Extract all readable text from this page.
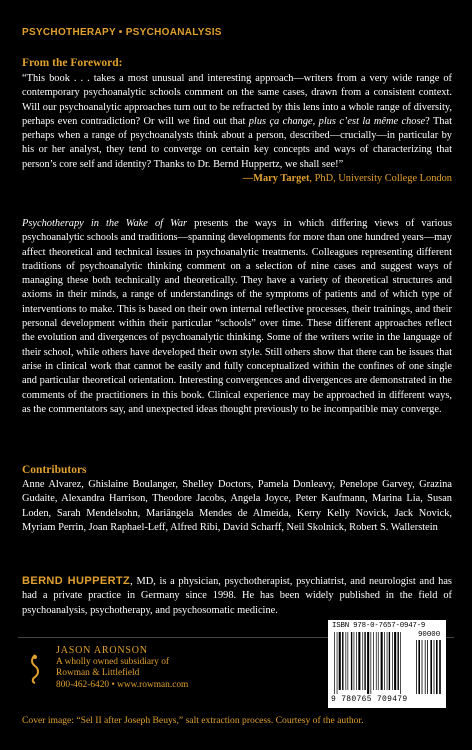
PSYCHOTHERAPY • PSYCHOANALYSIS
From the Foreword:
“This book . . . takes a most unusual and interesting approach—writers from a very wide range of contemporary psychoanalytic schools comment on the same cases, drawn from a consistent context. Will our psychoanalytic approaches turn out to be refracted by this lens into a whole range of diversity, perhaps even contradiction? Or will we find out that plus ça change, plus c’est la même chose? That perhaps when a range of psychoanalysts think about a person, described—crucially—in particular by his or her analyst, they tend to converge on certain key concepts and ways of characterizing that person’s core self and identity? Thanks to Dr. Bernd Huppertz, we shall see!”
—Mary Target, PhD, University College London
Psychotherapy in the Wake of War presents the ways in which differing views of various psychoanalytic schools and traditions—spanning developments for more than one hundred years—may affect theoretical and technical issues in psychoanalytic treatments. Colleagues representing different traditions of psychoanalytic thinking comment on a selection of nine cases and suggest ways of managing these both technically and theoretically. They have a variety of theoretical structures and axioms in their minds, a range of understandings of the symptoms of patients and of which type of interventions to make. This is based on their own internal reflective processes, their trainings, and their personal development within their particular “schools” over time. These different approaches reflect the evolution and divergences of psychoanalytic thinking. Some of the writers write in the language of their school, while others have developed their own style. Still others show that there can be issues that arise in clinical work that cannot be easily and fully conceptualized within the confines of one single and particular theoretical orientation. Interesting convergences and divergences are demonstrated in the comments of the practitioners in this book. Clinical experience may be approached in different ways, as the commentators say, and unexpected ideas thought previously to be incompatible may converge.
Contributors
Anne Alvarez, Ghislaine Boulanger, Shelley Doctors, Pamela Donleavy, Penelope Garvey, Grazina Gudaite, Alexandra Harrison, Theodore Jacobs, Angela Joyce, Peter Kaufmann, Marina Lia, Susan Loden, Sarah Mendelsohn, Mariângela Mendes de Almeida, Kerry Kelly Novick, Jack Novick, Myriam Perrin, Joan Raphael-Leff, Alfred Ribi, David Scharff, Neil Skolnick, Robert S. Wallerstein
BERND HUPPERTZ, MD, is a physician, psychotherapist, psychiatrist, and neurologist and has had a private practice in Germany since 1998. He has been widely published in the field of psychoanalysis, psychotherapy, and psychosomatic medicine.
JASON ARONSON
A wholly owned subsidiary of
Rowman & Littlefield
800-462-6420 • www.rowman.com
ISBN 978-0-7657-0947-9
90000
9 780765 709479
Cover image: “Sel II after Joseph Beuys,” salt extraction process. Courtesy of the author.
